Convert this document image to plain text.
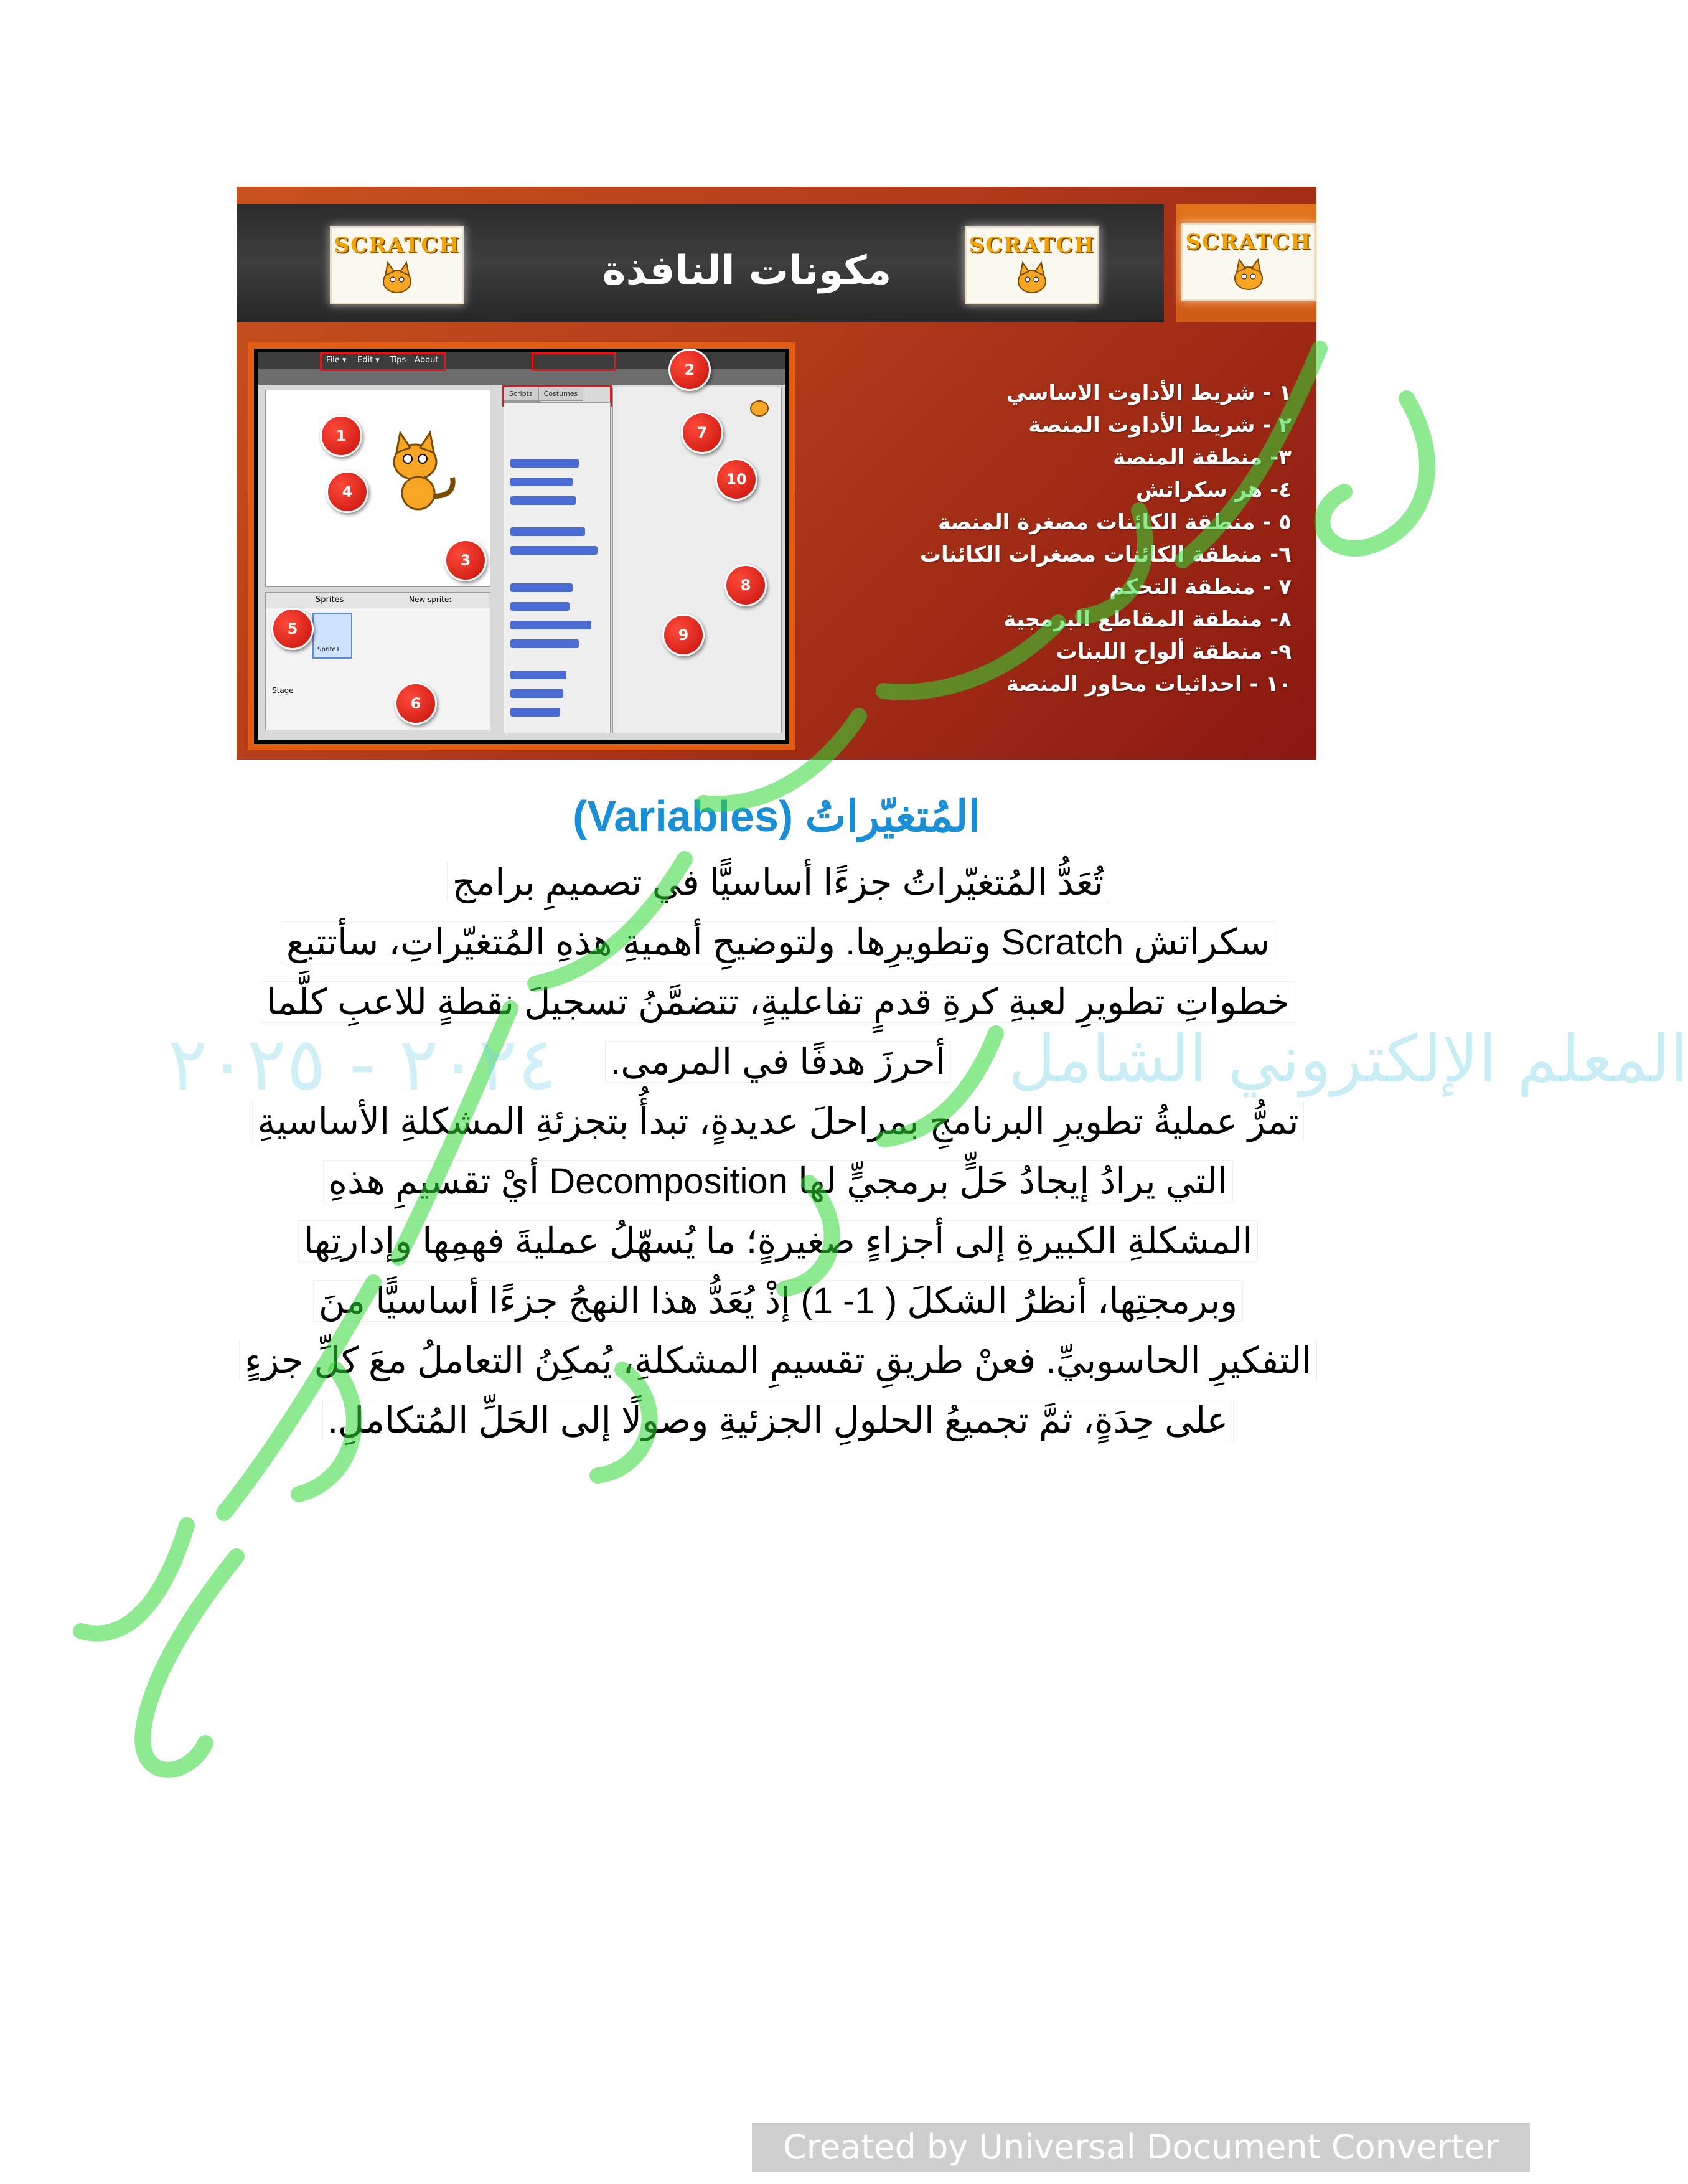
SCRATCH
مكونات النافذة
SCRATCH	SCRATCH
File ▾ Edit ▾ Tips About
Sprites	New sprite:
Stage
Sprite1
Scripts Costumes
1
2
3
4
5
6
7
8
9
10
١ - شريط الأداوت الاساسي
٢ - شريط الأداوت المنصة
٣- منطقة المنصة
٤- هر سكراتش
٥ - منطقة الكائنات مصغرة المنصة
٦- منطقة الكائنات مصغرات الكائنات
٧ - منطقة التحكم
٨- منطقة المقاطع البرمجية
٩- منطقة ألواح اللبنات
١٠ - احداثيات محاور المنصة
المُتغيّراتُ (Variables)
تُعَدُّ المُتغيّراتُ جزءًا أساسيًّا في تصميمِ برامج
سكراتش Scratch وتطويرِها. ولتوضيحِ أهميةِ هذهِ المُتغيّراتِ، سأتتبع
خطواتِ تطويرِ لعبةِ كرةِ قدمٍ تفاعليةٍ، تتضمَّنُ تسجيلَ نقطةٍ للاعبِ كلَّما
أحرزَ هدفًا في المرمى.
تمرُّ عمليةُ تطويرِ البرنامجِ بمراحلَ عديدةٍ، تبدأُ بتجزئةِ المشكلةِ الأساسيةِ
التي يرادُ إيجادُ حَلٍّ برمجيٍّ لها Decomposition أيْ تقسيمِ هذهِ
المشكلةِ الكبيرةِ إلى أجزاءٍ صغيرةٍ؛ ما يُسهّلُ عمليةَ فهمِها وإدارتِها
وبرمجتِها، أنظرُ الشكلَ ( 1- 1) إذْ يُعَدُّ هذا النهجُ جزءًا أساسيًّا منَ
التفكيرِ الحاسوبيِّ. فعنْ طريقِ تقسيمِ المشكلةِ، يُمكِنُ التعاملُ معَ كلِّ جزءٍ
على حِدَةٍ، ثمَّ تجميعُ الحلولِ الجزئيةِ وصولًا إلى الحَلِّ المُتكاملِ.
المعلم الإلكتروني الشامل
٢٠٢٤ - ٢٠٢٥
Created by Universal Document Converter
